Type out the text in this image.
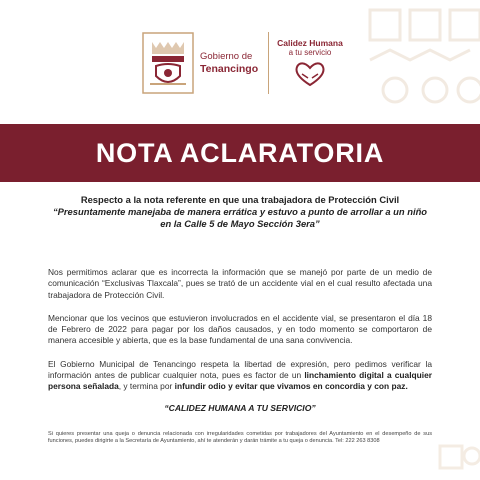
Gobierno de
Tenancingo
Calidez Humana
a tu servicio
NOTA ACLARATORIA
Respecto a la nota referente en que una trabajadora de Protección Civil
“Presuntamente manejaba de manera errática y estuvo a punto de arrollar a un niño en la Calle 5 de Mayo Sección 3era”

Nos permitimos aclarar que es incorrecta la información que se manejó por parte de un medio de comunicación “Exclusivas Tlaxcala”, pues se trató de un accidente vial en el cual resulto afectada una trabajadora de Protección Civil.

Mencionar que los vecinos que estuvieron involucrados en el accidente vial, se presentaron el día 18 de Febrero de 2022 para pagar por los daños causados, y en todo momento se comportaron de manera accesible y abierta, que es la base fundamental de una sana convivencia.

El Gobierno Municipal de Tenancingo respeta la libertad de expresión, pero pedimos verificar la información antes de publicar cualquier nota, pues es factor de un linchamiento digital a cualquier persona señalada, y termina por infundir odio y evitar que vivamos en concordia y con paz.

“CALIDEZ HUMANA A TU SERVICIO”

Si quieres presentar una queja o denuncia relacionada con irregularidades cometidas por trabajadores del Ayuntamiento en el desempeño de sus funciones, puedes dirigirte a la Secretaría de Ayuntamiento, ahí te atenderán y darán trámite a tu queja o denuncia. Tel: 222 263 8308
